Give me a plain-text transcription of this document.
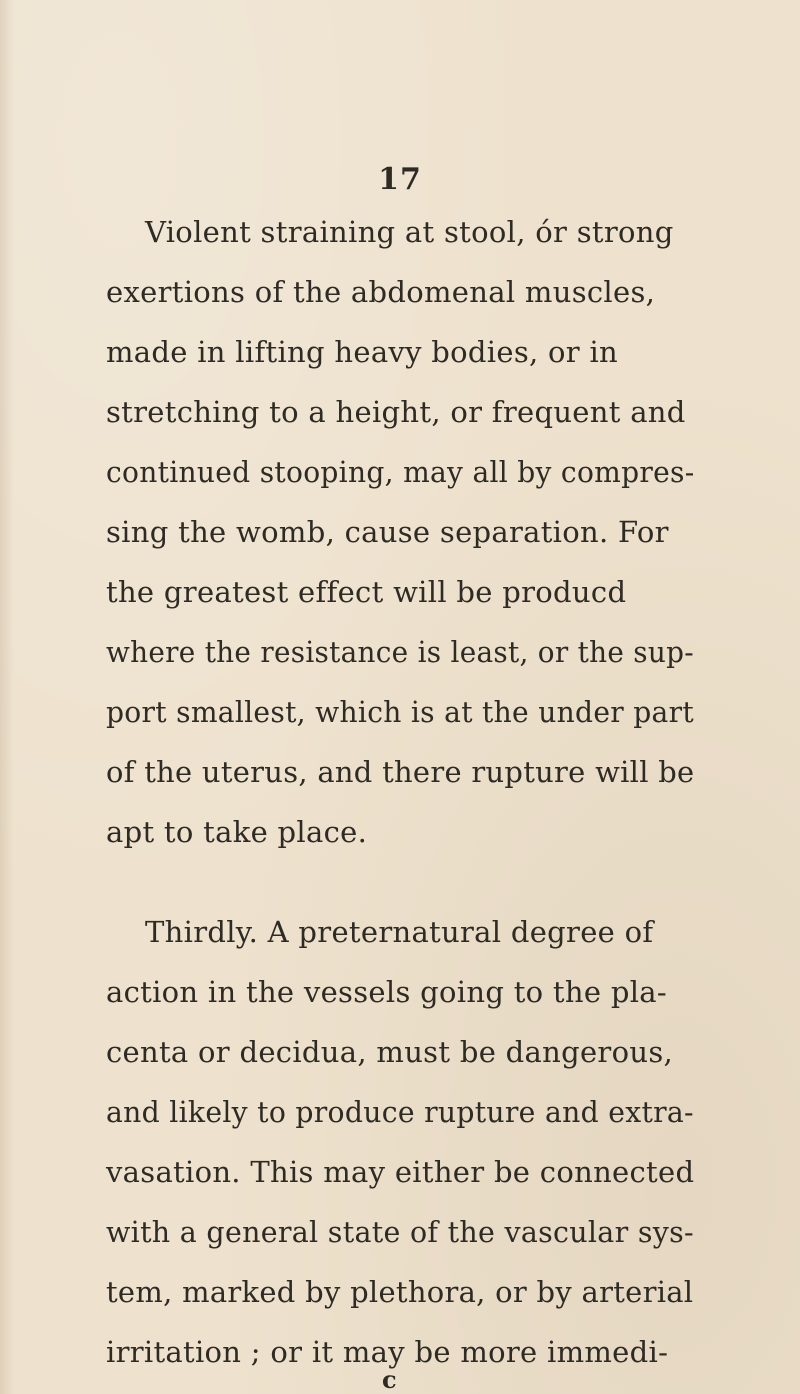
17
Violent straining at stool, ór strong
exertions of the abdomenal muscles,
made in lifting heavy bodies, or in
stretching to a height, or frequent and
continued stooping, may all by compres-
sing the womb, cause separation. For
the greatest effect will be producd
where the resistance is least, or the sup-
port smallest, which is at the under part
of the uterus, and there rupture will be
apt to take place.
Thirdly. A preternatural degree of
action in the vessels going to the pla-
centa or decidua, must be dangerous,
and likely to produce rupture and extra-
vasation. This may either be connected
with a general state of the vascular sys-
tem, marked by plethora, or by arterial
irritation ; or it may be more immedi-
c
